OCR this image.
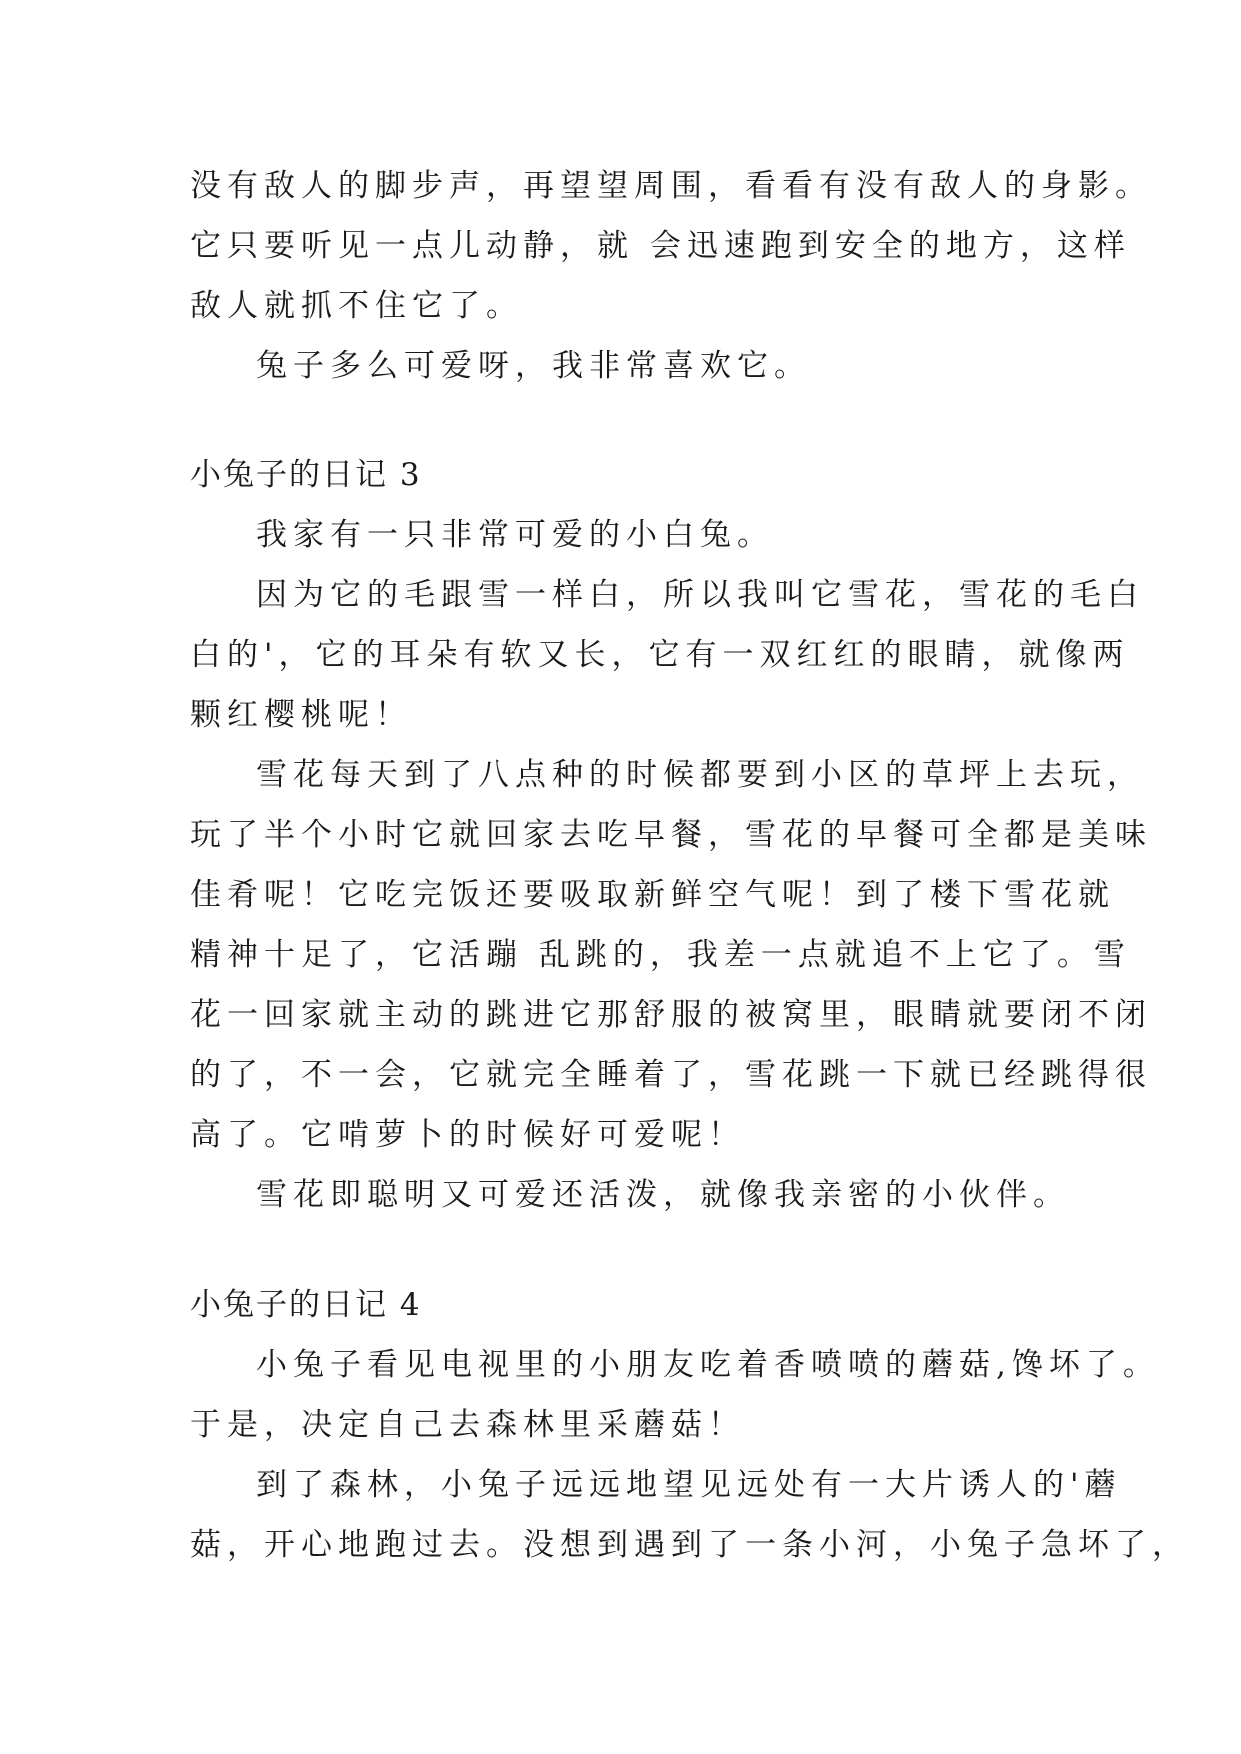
没有敌人的脚步声，再望望周围，看看有没有敌人的身影。
它只要听见一点儿动静，就 会迅速跑到安全的地方，这样
敌人就抓不住它了。
兔子多么可爱呀，我非常喜欢它。
小兔子的日记 3
我家有一只非常可爱的小白兔。
因为它的毛跟雪一样白，所以我叫它雪花，雪花的毛白
白的'，它的耳朵有软又长，它有一双红红的眼睛，就像两
颗红樱桃呢！
雪花每天到了八点种的时候都要到小区的草坪上去玩，
玩了半个小时它就回家去吃早餐，雪花的早餐可全都是美味
佳肴呢！它吃完饭还要吸取新鲜空气呢！到了楼下雪花就
精神十足了，它活蹦 乱跳的，我差一点就追不上它了。雪
花一回家就主动的跳进它那舒服的被窝里，眼睛就要闭不闭
的了，不一会，它就完全睡着了，雪花跳一下就已经跳得很
高了。它啃萝卜的时候好可爱呢！
雪花即聪明又可爱还活泼，就像我亲密的小伙伴。
小兔子的日记 4
小兔子看见电视里的小朋友吃着香喷喷的蘑菇,馋坏了。
于是，决定自己去森林里采蘑菇！
到了森林，小兔子远远地望见远处有一大片诱人的'蘑
菇，开心地跑过去。没想到遇到了一条小河，小兔子急坏了，
